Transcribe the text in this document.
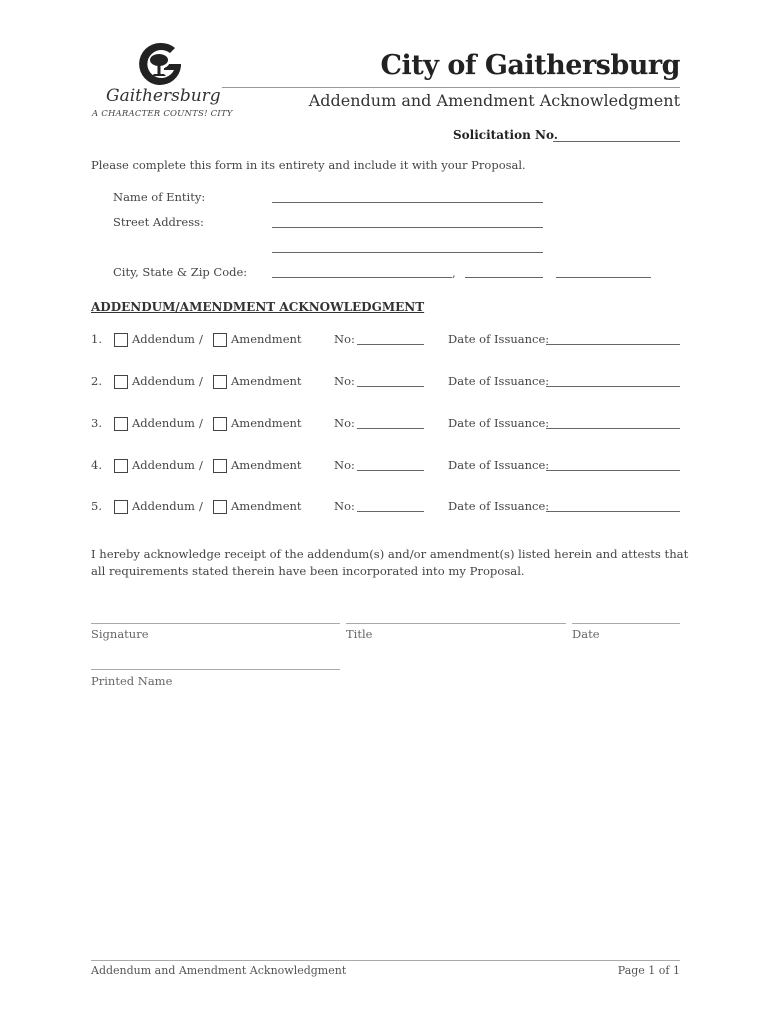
Gaithersburg
A CHARACTER COUNTS! CITY
City of Gaithersburg
Addendum and Amendment Acknowledgment
Solicitation No.
Please complete this form in its entirety and include it with your Proposal.
Name of Entity:
Street Address:
City, State & Zip Code:	,
ADDENDUM/AMENDMENT ACKNOWLEDGMENT
1.	Addendum / Amendment	No:	Date of Issuance:
2.	Addendum / Amendment	No:	Date of Issuance:
3.	Addendum / Amendment	No:	Date of Issuance:
4.	Addendum / Amendment	No:	Date of Issuance:
5.	Addendum / Amendment	No:	Date of Issuance:
I hereby acknowledge receipt of the addendum(s) and/or amendment(s) listed herein and attests that
all requirements stated therein have been incorporated into my Proposal.
Signature	Title	Date
Printed Name
Addendum and Amendment Acknowledgment	Page 1 of 1
